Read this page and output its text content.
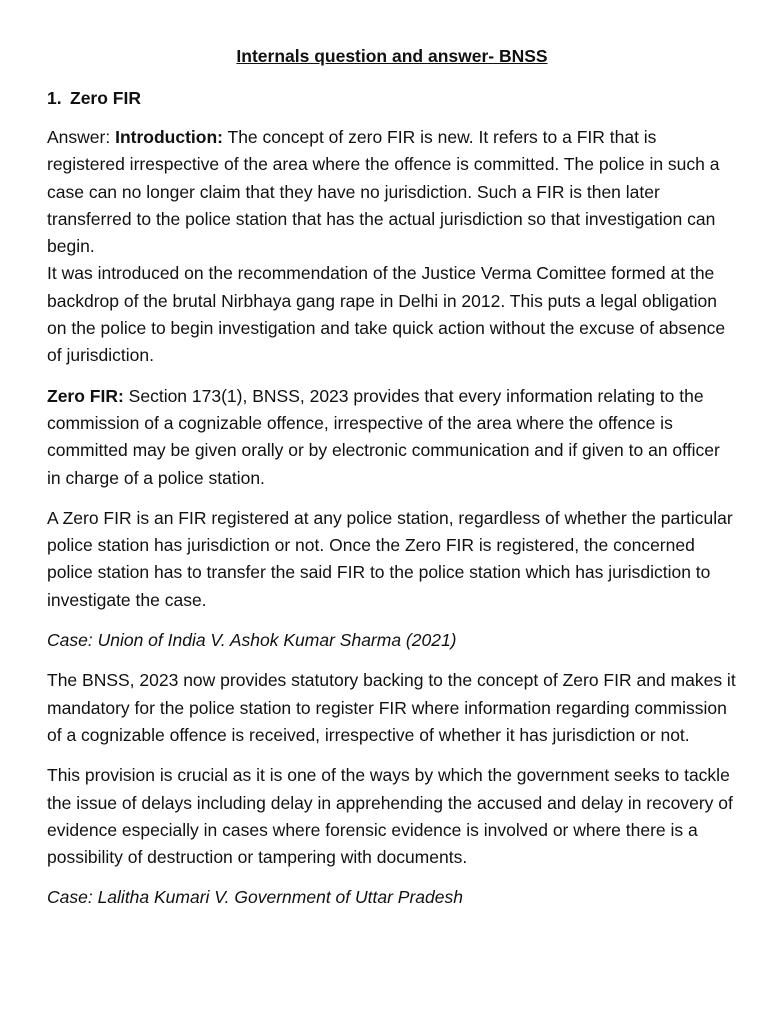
Internals question and answer- BNSS
1. Zero FIR

Answer: Introduction: The concept of zero FIR is new. It refers to a FIR that is registered irrespective of the area where the offence is committed. The police in such a case can no longer claim that they have no jurisdiction. Such a FIR is then later transferred to the police station that has the actual jurisdiction so that investigation can begin.

It was introduced on the recommendation of the Justice Verma Comittee formed at the backdrop of the brutal Nirbhaya gang rape in Delhi in 2012. This puts a legal obligation on the police to begin investigation and take quick action without the excuse of absence of jurisdiction.

Zero FIR: Section 173(1), BNSS, 2023 provides that every information relating to the commission of a cognizable offence, irrespective of the area where the offence is committed may be given orally or by electronic communication and if given to an officer in charge of a police station.

A Zero FIR is an FIR registered at any police station, regardless of whether the particular police station has jurisdiction or not. Once the Zero FIR is registered, the concerned police station has to transfer the said FIR to the police station which has jurisdiction to investigate the case.

Case: Union of India V. Ashok Kumar Sharma (2021)

The BNSS, 2023 now provides statutory backing to the concept of Zero FIR and makes it mandatory for the police station to register FIR where information regarding commission of a cognizable offence is received, irrespective of whether it has jurisdiction or not.

This provision is crucial as it is one of the ways by which the government seeks to tackle the issue of delays including delay in apprehending the accused and delay in recovery of evidence especially in cases where forensic evidence is involved or where there is a possibility of destruction or tampering with documents.

Case: Lalitha Kumari V. Government of Uttar Pradesh
